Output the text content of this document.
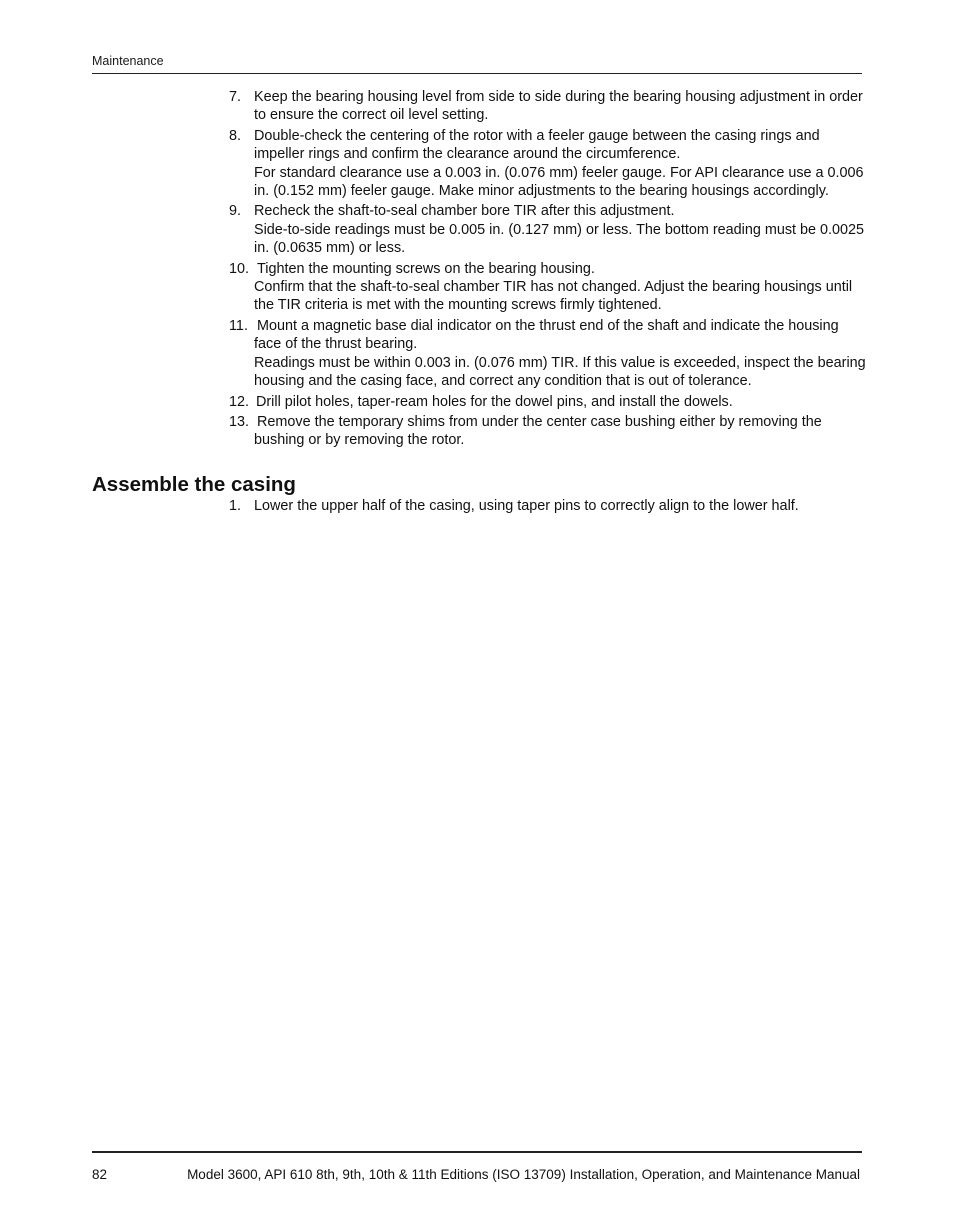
Maintenance
7. Keep the bearing housing level from side to side during the bearing housing adjustment in order to ensure the correct oil level setting.
8. Double-check the centering of the rotor with a feeler gauge between the casing rings and impeller rings and confirm the clearance around the circumference.
For standard clearance use a 0.003 in. (0.076 mm) feeler gauge. For API clearance use a 0.006 in. (0.152 mm) feeler gauge. Make minor adjustments to the bearing housings accordingly.
9. Recheck the shaft-to-seal chamber bore TIR after this adjustment.
Side-to-side readings must be 0.005 in. (0.127 mm) or less. The bottom reading must be 0.0025 in. (0.0635 mm) or less.
10. Tighten the mounting screws on the bearing housing.
Confirm that the shaft-to-seal chamber TIR has not changed. Adjust the bearing housings until the TIR criteria is met with the mounting screws firmly tightened.
11. Mount a magnetic base dial indicator on the thrust end of the shaft and indicate the housing face of the thrust bearing.
Readings must be within 0.003 in. (0.076 mm) TIR. If this value is exceeded, inspect the bearing housing and the casing face, and correct any condition that is out of tolerance.
12. Drill pilot holes, taper-ream holes for the dowel pins, and install the dowels.
13. Remove the temporary shims from under the center case bushing either by removing the bushing or by removing the rotor.
Assemble the casing
1. Lower the upper half of the casing, using taper pins to correctly align to the lower half.
82	Model 3600, API 610 8th, 9th, 10th & 11th Editions (ISO 13709) Installation, Operation, and Maintenance Manual
